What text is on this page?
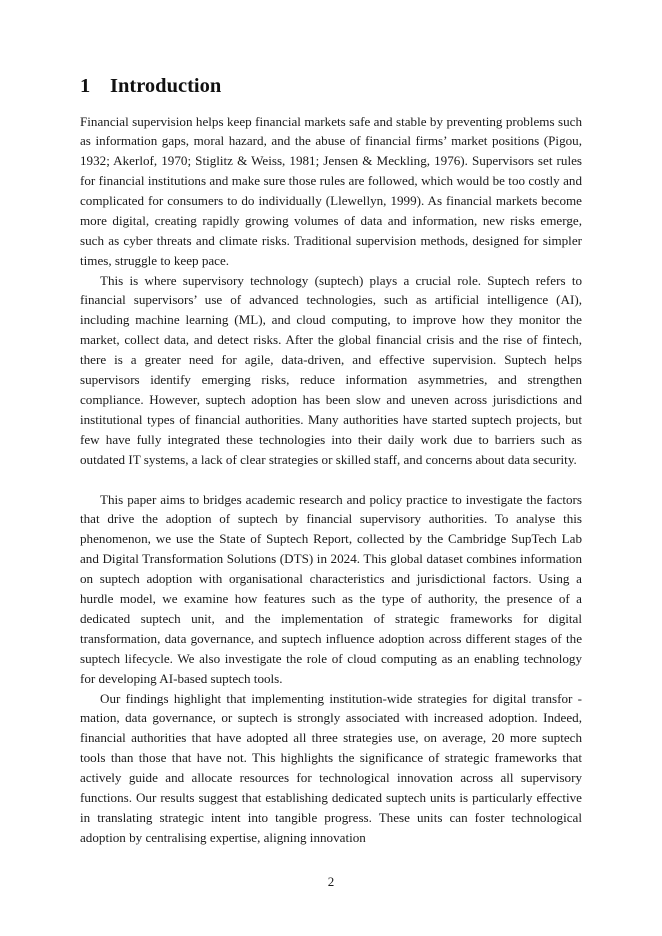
1 Introduction

Financial supervision helps keep financial markets safe and stable by preventing problems such as information gaps, moral hazard, and the abuse of financial firms’ market positions (Pigou, 1932; Akerlof, 1970; Stiglitz & Weiss, 1981; Jensen & Meckling, 1976). Supervisors set rules for financial institutions and make sure those rules are followed, which would be too costly and complicated for consumers to do individually (Llewellyn, 1999). As financial markets become more digital, creating rapidly growing volumes of data and information, new risks emerge, such as cyber threats and climate risks. Traditional supervision methods, designed for simpler times, struggle to keep pace.

This is where supervisory technology (suptech) plays a crucial role. Suptech refers to financial supervisors’ use of advanced technologies, such as artificial intelligence (AI), including machine learning (ML), and cloud computing, to improve how they monitor the market, collect data, and detect risks. After the global financial crisis and the rise of fintech, there is a greater need for agile, data-driven, and effective supervision. Suptech helps supervisors identify emerging risks, reduce information asymmetries, and strengthen compliance. However, suptech adoption has been slow and uneven across jurisdictions and institutional types of financial authorities. Many authorities have started suptech projects, but few have fully integrated these technologies into their daily work due to barriers such as outdated IT systems, a lack of clear strategies or skilled staff, and concerns about data security.

This paper aims to bridges academic research and policy practice to investigate the factors that drive the adoption of suptech by financial supervisory authorities. To analyse this phenomenon, we use the State of Suptech Report, collected by the Cambridge SupTech Lab and Digital Transformation Solutions (DTS) in 2024. This global dataset combines information on suptech adoption with organisational characteristics and jurisdictional factors. Using a hurdle model, we examine how features such as the type of authority, the presence of a dedicated suptech unit, and the implementation of strategic frameworks for digital transformation, data governance, and suptech influence adoption across different stages of the suptech lifecycle. We also investigate the role of cloud computing as an enabling technology for developing AI-based suptech tools.

Our findings highlight that implementing institution-wide strategies for digital transfor -mation, data governance, or suptech is strongly associated with increased adoption. Indeed, financial authorities that have adopted all three strategies use, on average, 20 more suptech tools than those that have not. This highlights the significance of strategic frameworks that actively guide and allocate resources for technological innovation across all supervisory functions. Our results suggest that establishing dedicated suptech units is particularly effective in translating strategic intent into tangible progress. These units can foster technological adoption by centralising expertise, aligning innovation

2
